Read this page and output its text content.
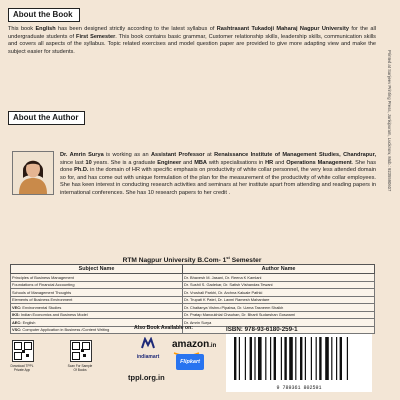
About the Book

This book English has been designed strictly according to the latest syllabus of Rashtrasant Tukadoji Maharaj Nagpur University for the all undergraduate students of First Semester. This book contains basic grammar, Customer relationship skills, leadership skills, communication skills and covers all aspects of the syllabus. Topic related exercises and model question paper are provided to give more adapting view and make the subject easier for students.

About the Author

Dr. Amrin Surya is working as an Assistant Professor at Renaissance Institute of Management Studies, Chandrapur, since last 10 years. She is a graduate Engineer and MBA with specialisations in HR and Operations Management. She has done Ph.D. in the domain of HR with specific emphasis on productivity of white collar personnel, the very less attended domain so for, and has come out with unique formulation of the plan for the measurement of the productivity of white collar employees. She has keen interest in conducting research activities and seminars at her institute apart from attending and reading papers in international conferences. She has 10 research papers to her credit .

RTM Nagpur University B.Com- 1st Semester
Subject Name	Author Name
Principles of Business Management	Dr. Bhavesh M. Jasani, Dr. Reena K Kamlani
Foundations of Financial Accounting	Dr. Sushil S. Gadekar, Dr. Satish Vishandas Tewani
Schools of Management Thoughts	Dr. Vrushali Parkhi, Dr. Archna Kaluale Pathki
Elements of Business Environment	Dr. Trupati K Patel, Dr. Laxmi Ramesh Mahantare
VEC: Environmental Studies	Dr. Chaitanya Vishnu Pipalwa, Dr. Uzma Tasneem Shaikh
IKS: Indian Economics and Business Model	Dr. Pratap Manoukhlal Chauhan, Dr. Bharti Sudarshan Goswami
AEC: English	Dr. Amrin Surya
VSC: Computer Application in Business /Content Writing	
Printed at Sanjeev Printing Press, Jankipuram, Lucknow, Mob.: 9235590607
Download TPPL Private App
Scan For Sample Of Books
Also Book Available on:
indiamart
amazon.in
Flipkart
tppl.org.in
ISBN: 978-93-6180-259-1
9 789361 802591
